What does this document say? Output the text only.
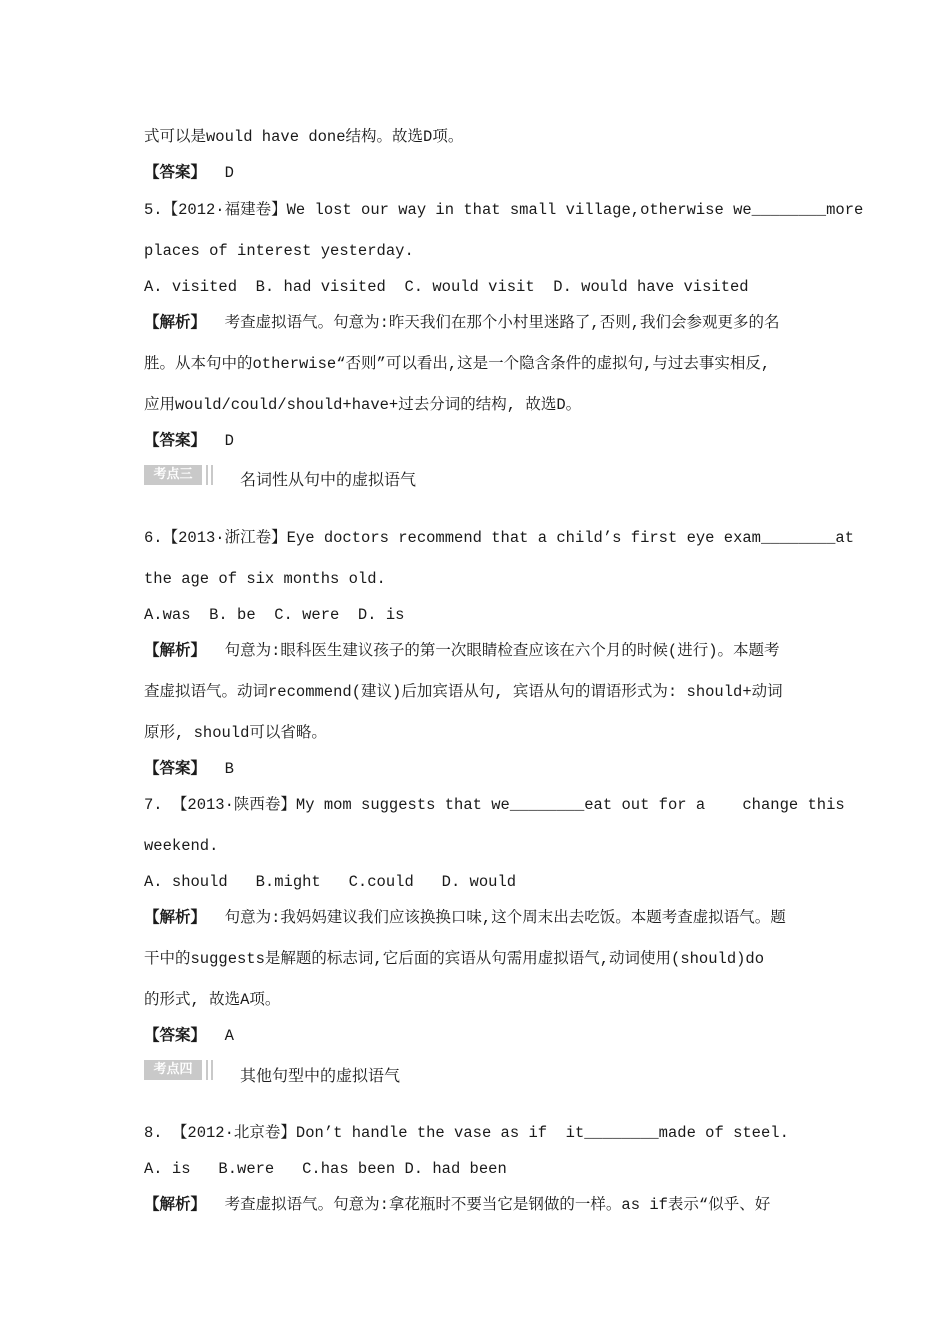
式可以是would have done结构。故选D项。
【答案】 D
5.【2012·福建卷】We lost our way in that small village,otherwise we________more
places of interest yesterday.
A. visited  B. had visited  C. would visit  D. would have visited
【解析】 考查虚拟语气。句意为:昨天我们在那个小村里迷路了,否则,我们会参观更多的名
胜。从本句中的otherwise“否则”可以看出,这是一个隐含条件的虚拟句,与过去事实相反,
应用would/could/should+have+过去分词的结构, 故选D。
【答案】 D
考点三	名词性从句中的虚拟语气
6.【2013·浙江卷】Eye doctors recommend that a child’s first eye exam________at
the age of six months old.
A.was  B. be  C. were  D. is
【解析】 句意为:眼科医生建议孩子的第一次眼睛检查应该在六个月的时候(进行)。本题考
查虚拟语气。动词recommend(建议)后加宾语从句, 宾语从句的谓语形式为: should+动词
原形, should可以省略。
【答案】 B
7. 【2013·陕西卷】My mom suggests that we________eat out for a    change this
weekend.
A. should   B.might   C.could   D. would
【解析】 句意为:我妈妈建议我们应该换换口味,这个周末出去吃饭。本题考查虚拟语气。题
干中的suggests是解题的标志词,它后面的宾语从句需用虚拟语气,动词使用(should)do
的形式, 故选A项。
【答案】 A
考点四	其他句型中的虚拟语气
8. 【2012·北京卷】Don’t handle the vase as if  it________made of steel.
A. is   B.were   C.has been D. had been
【解析】 考查虚拟语气。句意为:拿花瓶时不要当它是钢做的一样。as if表示“似乎、好
